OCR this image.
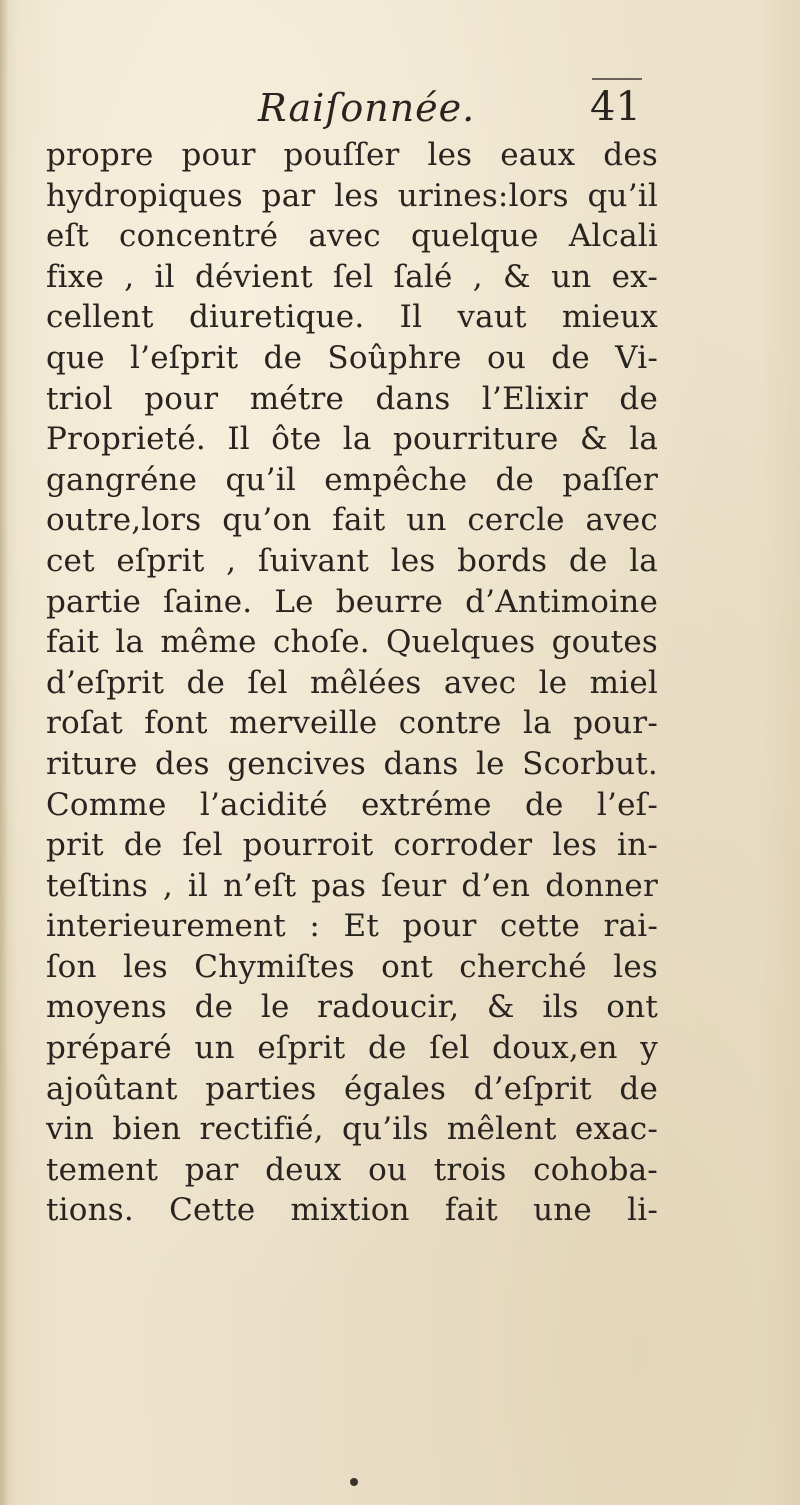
Raiſonnée.	41
propre pour pouſſer les eaux des
hydropiques par les urines:lors qu’il
eſt concentré avec quelque Alcali
fixe , il dévient ſel ſalé , & un ex-
cellent diuretique. Il vaut mieux
que l’eſprit de Soûphre ou de Vi-
triol pour métre dans l’Elixir de
Proprieté. Il ôte la pourriture & la
gangréne qu’il empêche de paſſer
outre,lors qu’on fait un cercle avec
cet eſprit , ſuivant les bords de la
partie ſaine. Le beurre d’Antimoine
fait la même choſe. Quelques goutes
d’eſprit de ſel mêlées avec le miel
roſat font merveille contre la pour-
riture des gencives dans le Scorbut.
Comme l’acidité extréme de l’eſ-
prit de ſel pourroit corroder les in-
teſtins , il n’eſt pas ſeur d’en donner
interieurement : Et pour cette rai-
ſon les Chymiſtes ont cherché les
moyens de le radoucir, & ils ont
préparé un eſprit de ſel doux,en y
ajoûtant parties égales d’eſprit de
vin bien rectifié, qu’ils mêlent exac-
tement par deux ou trois cohoba-
tions. Cette mixtion fait une li-
